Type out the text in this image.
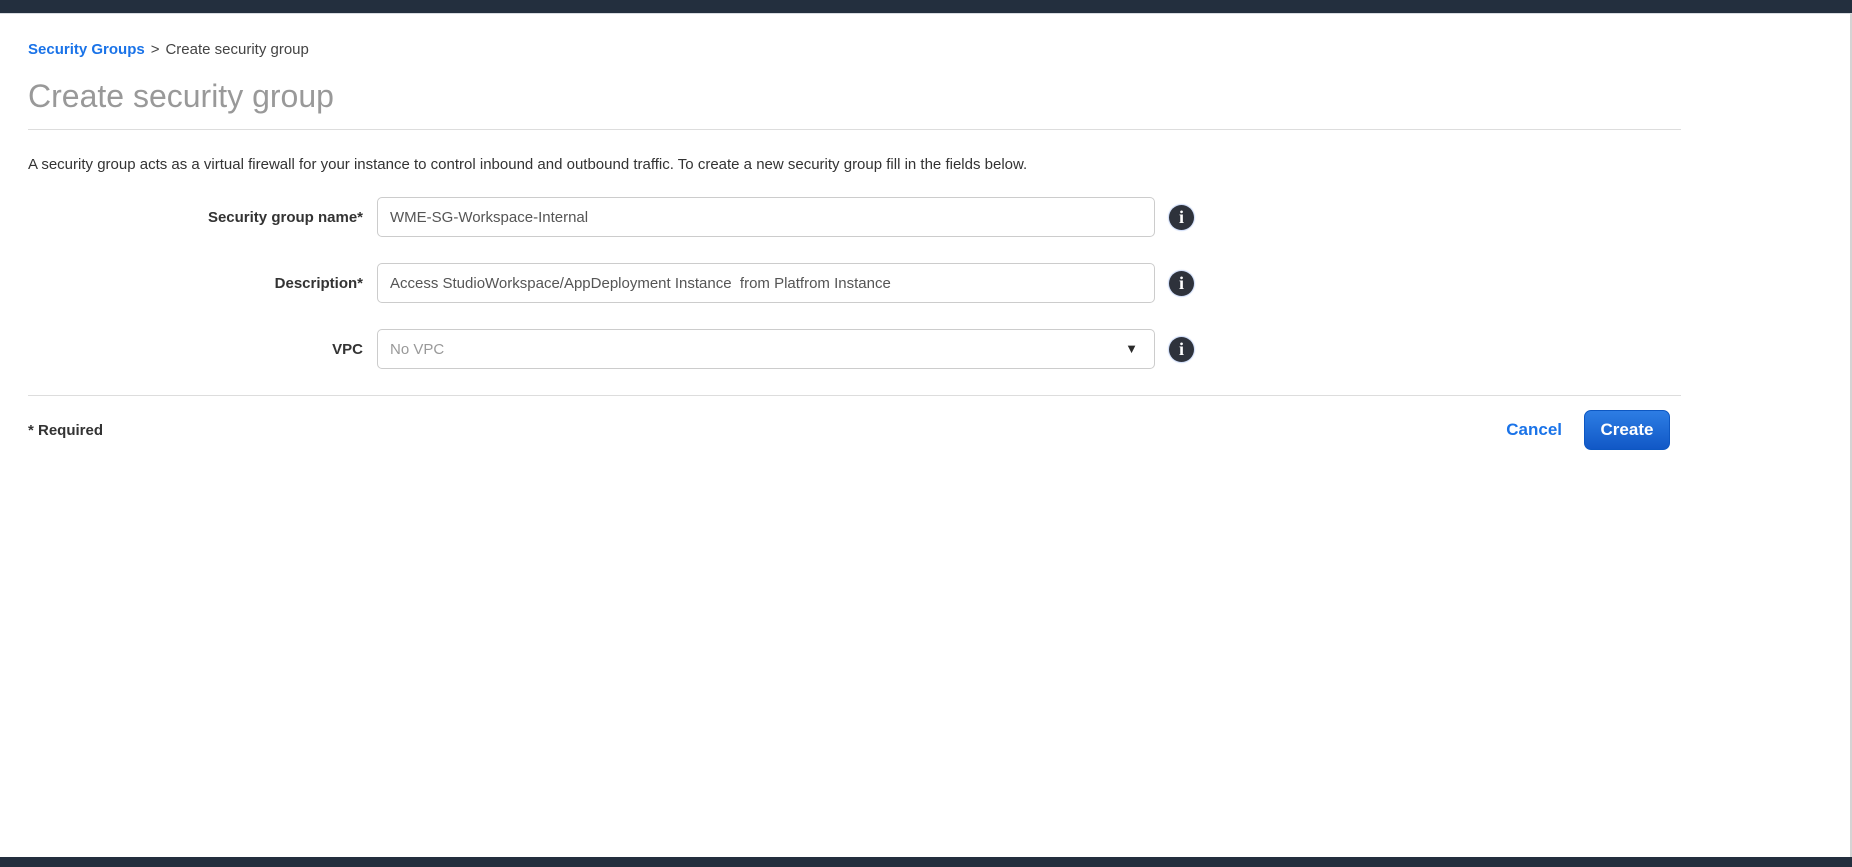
Security Groups > Create security group
Create security group

A security group acts as a virtual firewall for your instance to control inbound and outbound traffic. To create a new security group fill in the fields below.

Security group name*
WME-SG-Workspace-Internal	i
Description*
Access StudioWorkspace/AppDeployment Instance from Platfrom Instance	i
VPC No VPC	▼	i
* Required	Cancel	Create
